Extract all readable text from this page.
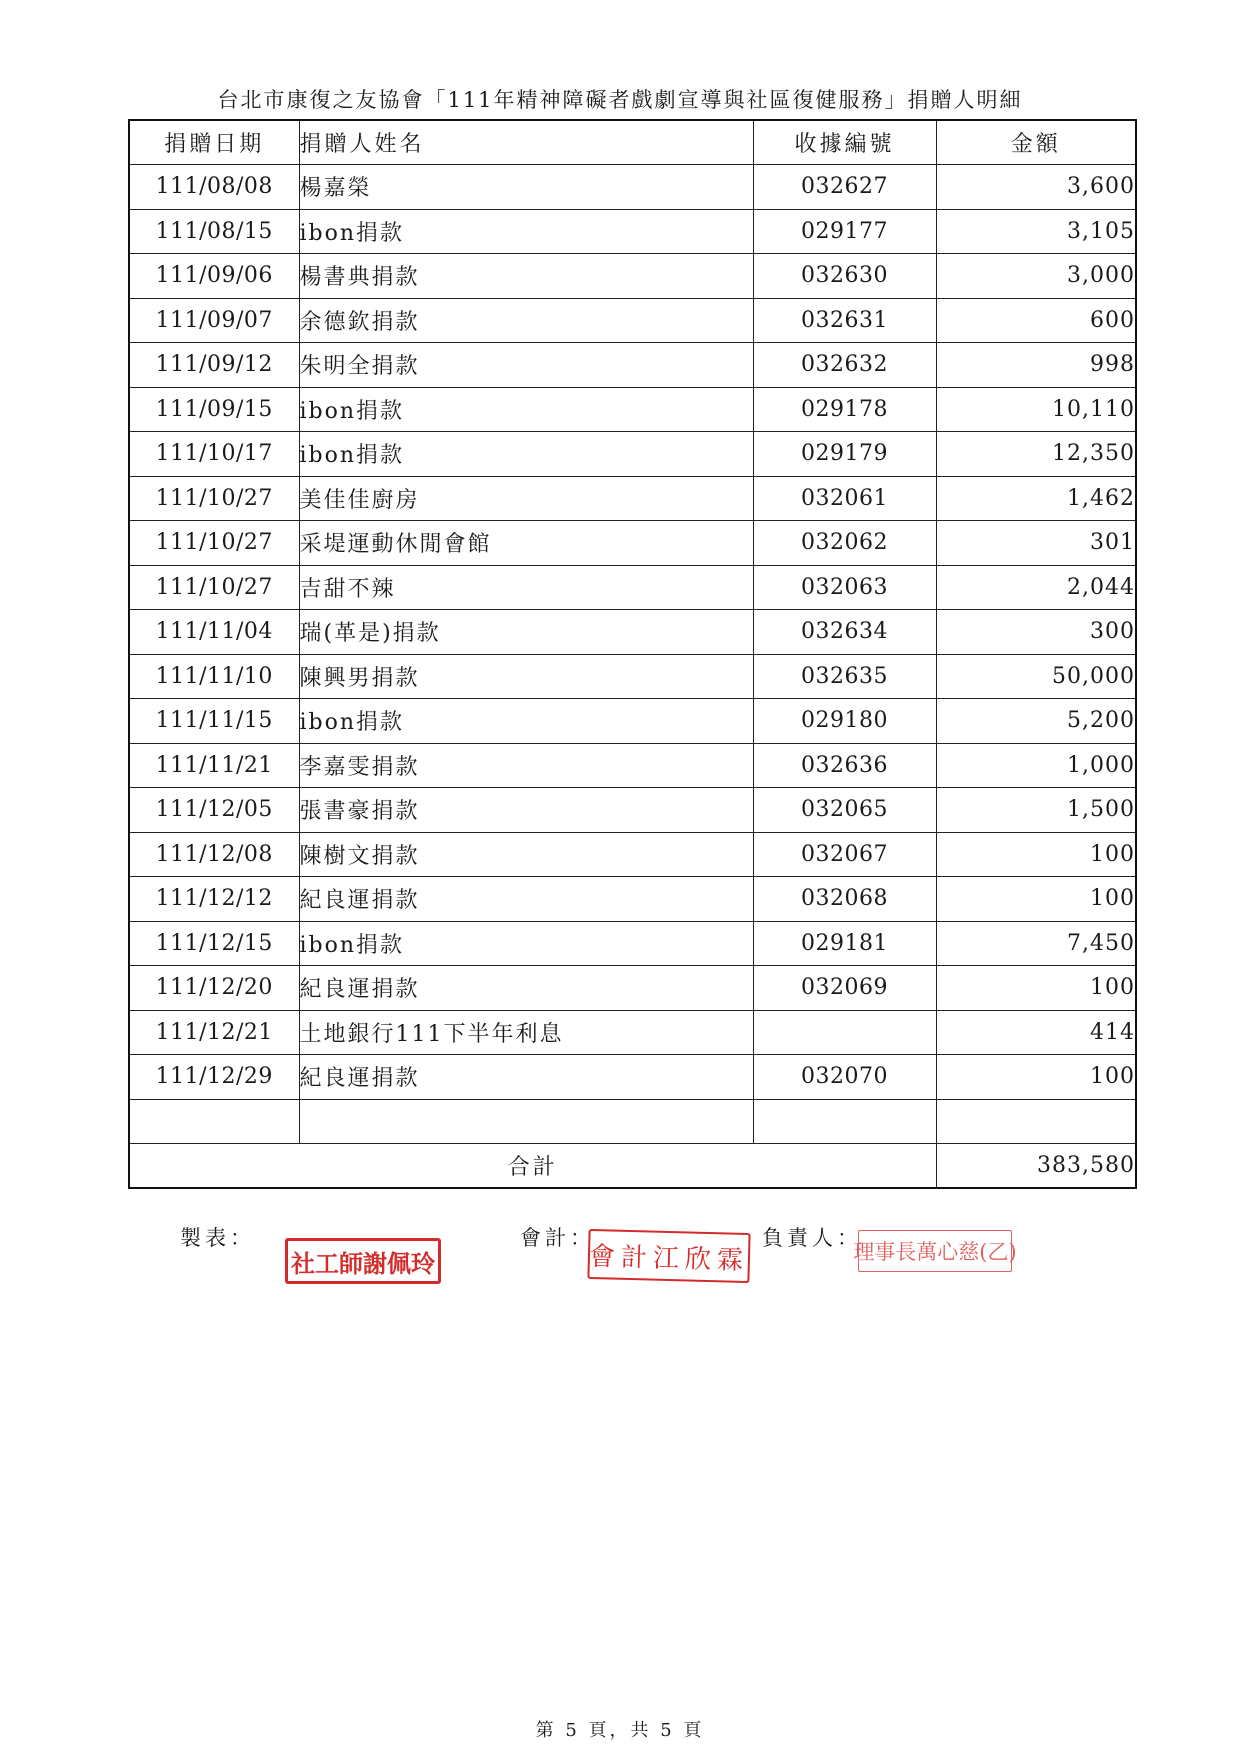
台北市康復之友協會「111年精神障礙者戲劇宣導與社區復健服務」捐贈人明細
捐贈日期	捐贈人姓名	收據編號	金額
111/08/08	楊嘉榮	032627	3,600
111/08/15	ibon捐款	029177	3,105
111/09/06	楊書典捐款	032630	3,000
111/09/07	余德欽捐款	032631	600
111/09/12	朱明全捐款	032632	998
111/09/15	ibon捐款	029178	10,110
111/10/17	ibon捐款	029179	12,350
111/10/27	美佳佳廚房	032061	1,462
111/10/27	采堤運動休閒會館	032062	301
111/10/27	吉甜不辣	032063	2,044
111/11/04	瑞(革是)捐款	032634	300
111/11/10	陳興男捐款	032635	50,000
111/11/15	ibon捐款	029180	5,200
111/11/21	李嘉雯捐款	032636	1,000
111/12/05	張書豪捐款	032065	1,500
111/12/08	陳樹文捐款	032067	100
111/12/12	紀良運捐款	032068	100
111/12/15	ibon捐款	029181	7,450
111/12/20	紀良運捐款	032069	100
111/12/21	土地銀行111下半年利息		414
111/12/29	紀良運捐款	032070	100

合計			383,580
製表：
社工師謝佩玲
會計：
會計江欣霖
負責人：
理事長萬心慈(乙)
第 5 頁，共 5 頁
